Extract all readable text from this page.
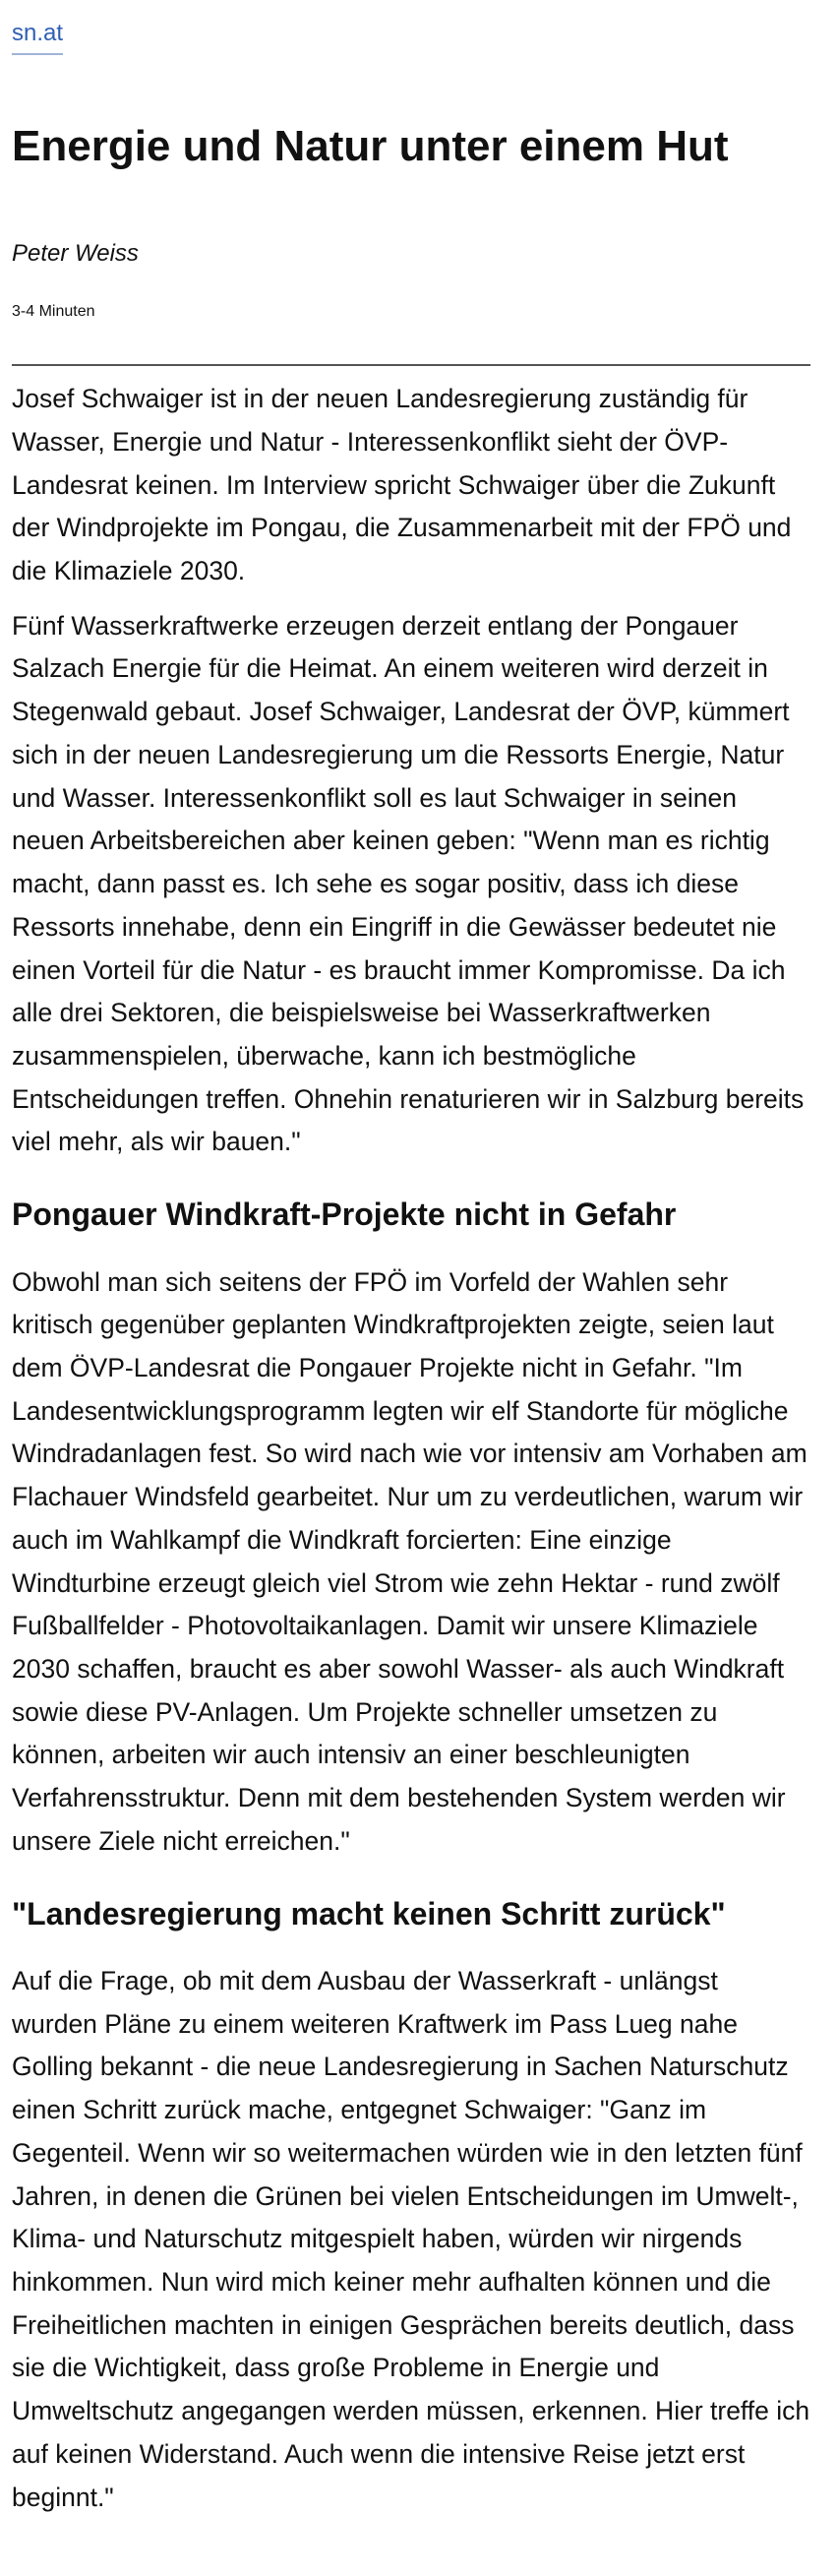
sn.at
Energie und Natur unter einem Hut

Peter Weiss

3-4 Minuten

Josef Schwaiger ist in der neuen Landesregierung zuständig für Wasser, Energie und Natur - Interessenkonflikt sieht der ÖVP-Landesrat keinen. Im Interview spricht Schwaiger über die Zukunft der Windprojekte im Pongau, die Zusammenarbeit mit der FPÖ und die Klimaziele 2030.

Fünf Wasserkraftwerke erzeugen derzeit entlang der Pongauer Salzach Energie für die Heimat. An einem weiteren wird derzeit in Stegenwald gebaut. Josef Schwaiger, Landesrat der ÖVP, kümmert sich in der neuen Landesregierung um die Ressorts Energie, Natur und Wasser. Interessenkonflikt soll es laut Schwaiger in seinen neuen Arbeitsbereichen aber keinen geben: "Wenn man es richtig macht, dann passt es. Ich sehe es sogar positiv, dass ich diese Ressorts innehabe, denn ein Eingriff in die Gewässer bedeutet nie einen Vorteil für die Natur - es braucht immer Kompromisse. Da ich alle drei Sektoren, die beispielsweise bei Wasserkraftwerken zusammenspielen, überwache, kann ich bestmögliche Entscheidungen treffen. Ohnehin renaturieren wir in Salzburg bereits viel mehr, als wir bauen."

Pongauer Windkraft-Projekte nicht in Gefahr

Obwohl man sich seitens der FPÖ im Vorfeld der Wahlen sehr kritisch gegenüber geplanten Windkraftprojekten zeigte, seien laut dem ÖVP-Landesrat die Pongauer Projekte nicht in Gefahr. "Im Landesentwicklungsprogramm legten wir elf Standorte für mögliche Windradanlagen fest. So wird nach wie vor intensiv am Vorhaben am Flachauer Windsfeld gearbeitet. Nur um zu verdeutlichen, warum wir auch im Wahlkampf die Windkraft forcierten: Eine einzige Windturbine erzeugt gleich viel Strom wie zehn Hektar - rund zwölf Fußballfelder - Photovoltaikanlagen. Damit wir unsere Klimaziele 2030 schaffen, braucht es aber sowohl Wasser- als auch Windkraft sowie diese PV-Anlagen. Um Projekte schneller umsetzen zu können, arbeiten wir auch intensiv an einer beschleunigten Verfahrensstruktur. Denn mit dem bestehenden System werden wir unsere Ziele nicht erreichen."

"Landesregierung macht keinen Schritt zurück"

Auf die Frage, ob mit dem Ausbau der Wasserkraft - unlängst wurden Pläne zu einem weiteren Kraftwerk im Pass Lueg nahe Golling bekannt - die neue Landesregierung in Sachen Naturschutz einen Schritt zurück mache, entgegnet Schwaiger: "Ganz im Gegenteil. Wenn wir so weitermachen würden wie in den letzten fünf Jahren, in denen die Grünen bei vielen Entscheidungen im Umwelt-, Klima- und Naturschutz mitgespielt haben, würden wir nirgends hinkommen. Nun wird mich keiner mehr aufhalten können und die Freiheitlichen machten in einigen Gesprächen bereits deutlich, dass sie die Wichtigkeit, dass große Probleme in Energie und Umweltschutz angegangen werden müssen, erkennen. Hier treffe ich auf keinen Widerstand. Auch wenn die intensive Reise jetzt erst beginnt."
